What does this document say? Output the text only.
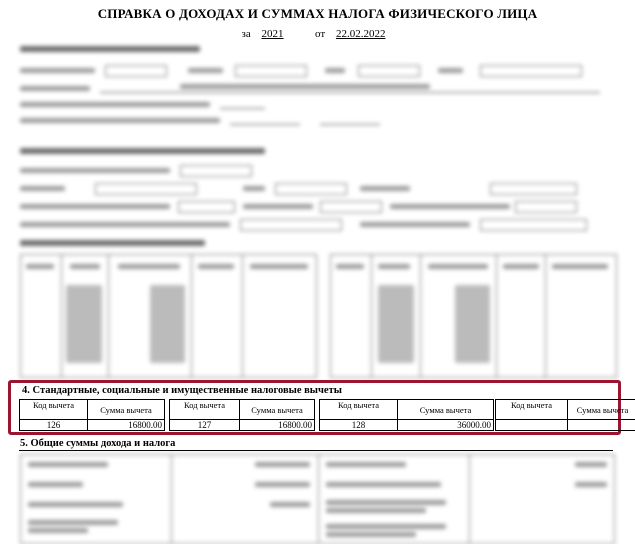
СПРАВКА О ДОХОДАХ И СУММАХ НАЛОГА ФИЗИЧЕСКОГО ЛИЦА
за 2021	от 22.02.2022
4. Стандартные, социальные и имущественные налоговые вычеты
Код вычета	Сумма вычета
126	16800.00
Код вычета	Сумма вычета
127	16800.00
Код вычета	Сумма вычета
128	36000.00
Код вычета	Сумма вычета
5. Общие суммы дохода и налога
